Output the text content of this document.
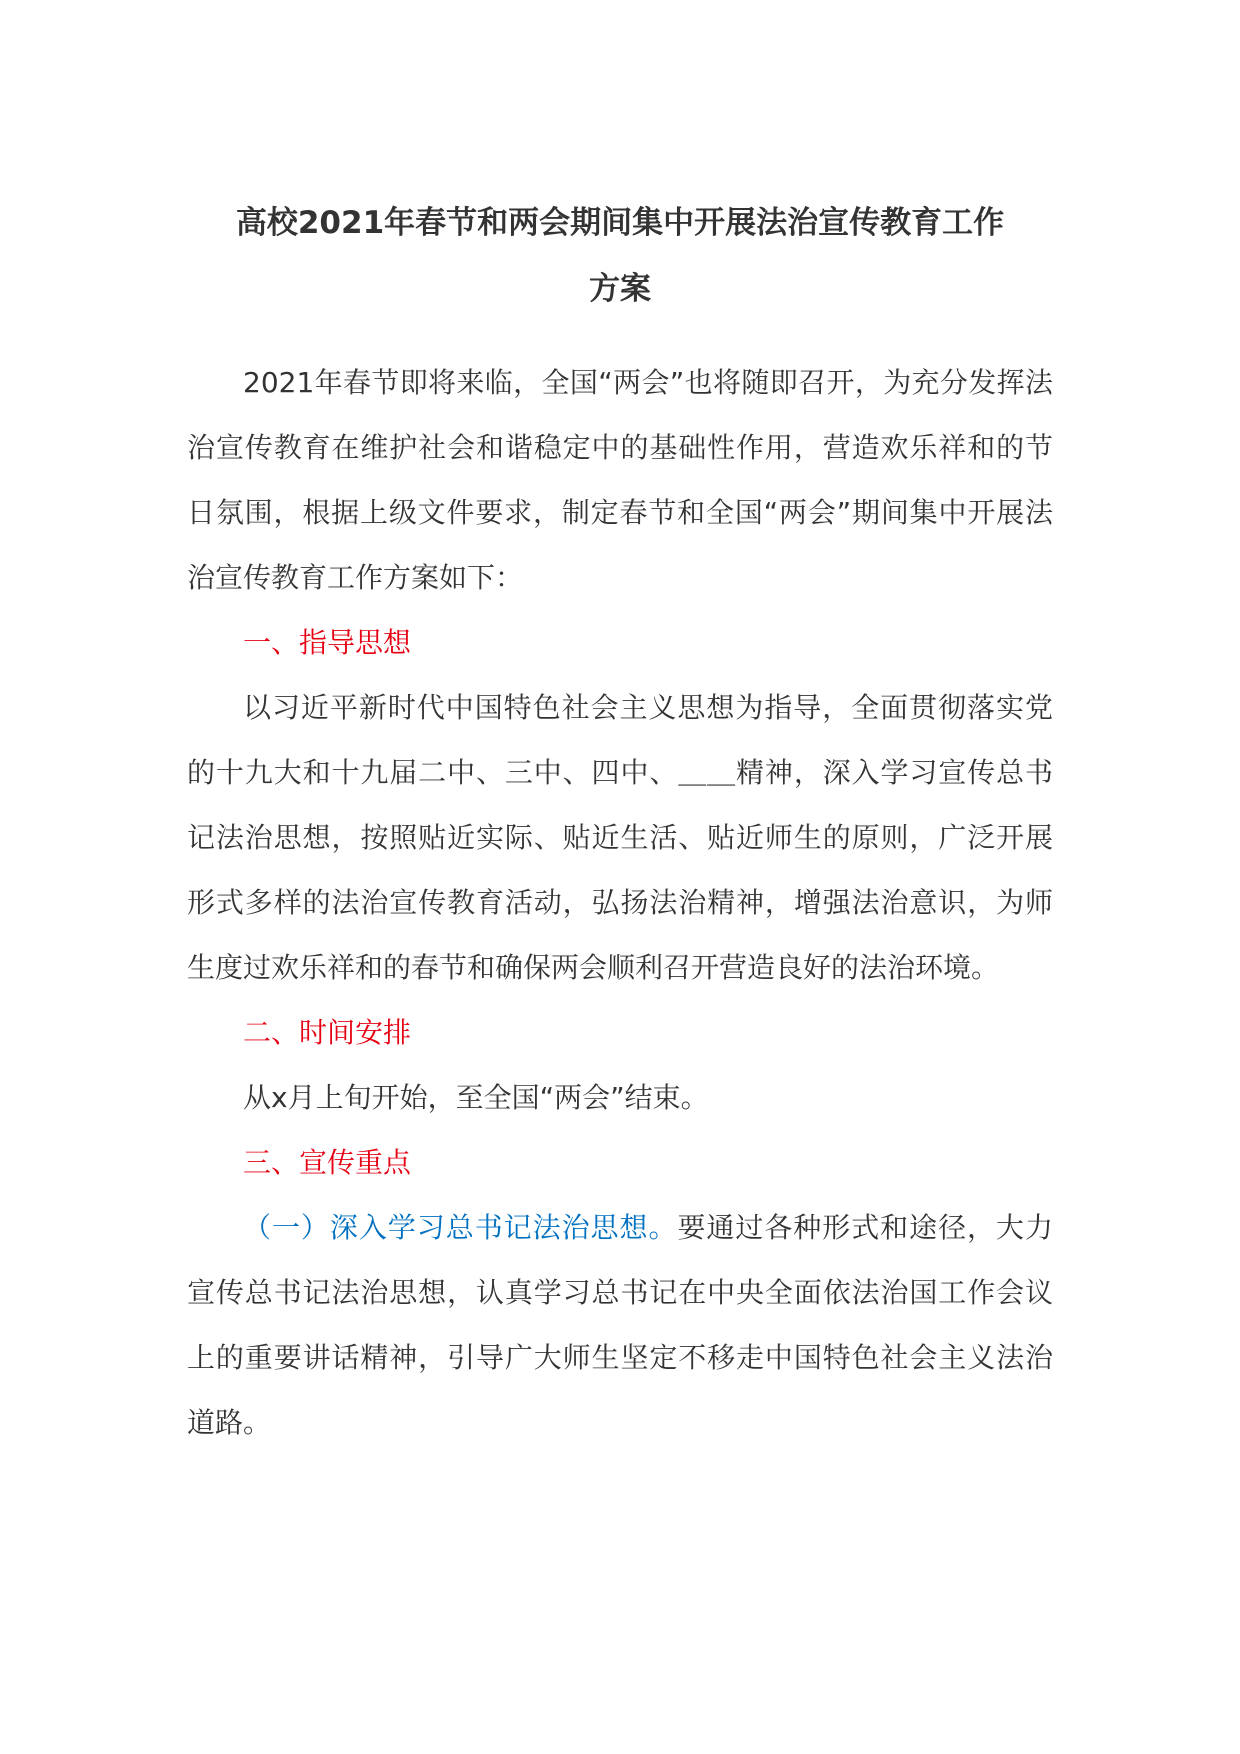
高校2021年春节和两会期间集中开展法治宣传教育工作
方案

2021年春节即将来临，全国“两会”也将随即召开，为充分发挥法治宣传教育在维护社会和谐稳定中的基础性作用，营造欢乐祥和的节日氛围，根据上级文件要求，制定春节和全国“两会”期间集中开展法治宣传教育工作方案如下：

一、指导思想

以习近平新时代中国特色社会主义思想为指导，全面贯彻落实党的十九大和十九届二中、三中、四中、＿＿精神，深入学习宣传总书记法治思想，按照贴近实际、贴近生活、贴近师生的原则，广泛开展形式多样的法治宣传教育活动，弘扬法治精神，增强法治意识，为师生度过欢乐祥和的春节和确保两会顺利召开营造良好的法治环境。

二、时间安排

从x月上旬开始，至全国“两会”结束。

三、宣传重点

（一）深入学习总书记法治思想。要通过各种形式和途径，大力宣传总书记法治思想，认真学习总书记在中央全面依法治国工作会议上的重要讲话精神，引导广大师生坚定不移走中国特色社会主义法治道路。
